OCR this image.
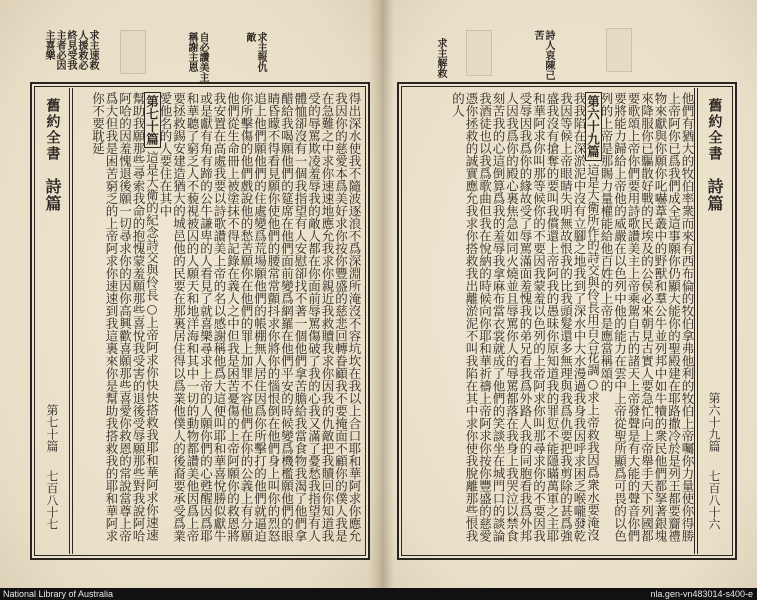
詩人哀陳己苦
求主解救
求主報仇敵
自必讚美主稱謝主恩
求主速救人援救必終見受我主者必因主喜樂
舊約全書
詩篇
第六十九篇
七百八十六

他們有猶大的牧伯率衆而來有西布倫的牧伯拿弗他利的牧伯上帝囑你力量使你得勝上帝阿你已爲我們成全這事願你仍顯大能你的聖殿建在耶路撒冷於是列王都要齎禮物來獻與你願你叱嚇葦叢中的野獸和羣公牛並列邦中如牛犢的衆民他們都拏著銀塊來降服你已驅散好戰的民埃及的公侯必來朝見古實人要急忙向上帝舉手天下列國都要歌頌上帝你們要用詩歌讚美主上帝乘駕自古的諸天上帝發聲是有大能的聲音你們要將能力歸給上帝他的威嚴在以色列中他的能力在雲中上帝從聖所顯爲可畏的以色列的上帝是那賜力量權能給他百姓的上帝是應當稱頌的

第六十九篇這是大衛所作的詩交與伶長用百合花調○求上帝救我因爲衆水要淹沒我我陷在深淤泥中沒有立腳之地我到了深水中大水漫過我身我因呼求困乏喉嚨發乾我因等候上帝眼睛失明無故恨我的比我頭髮還多無理與我爲仇要把我剪除的甚爲強盛我沒有搶奪的要叫我償還上帝阿我的愚昧你原知道我的罪愆不能隱瞞萬軍之主耶和華阿求你叫那等候你的不要因我蒙羞以色列的上帝阿求你叫那尋求你的不要因我受辱因我爲你的緣故受了辱罵滿面羞愧我的弟兄看我爲外路人我的同胞看我爲外邦人因我爲你的殿心裏焦急如同火燒並且辱罵你人的辱罵都落在我身上我哭泣以禁食刻苦我的心這倒算爲我的羞辱我拿麻布當衣裳就成了他們的笑談坐在城門口的談論我酒徒也以我爲歌曲但我在悅納的時候向你耶和華祈禱上帝阿求你按你豐盛的慈愛憑你拯救的誠實應允我求你搭救我出離淤泥不叫我陷在其中求你使我脫離那些恨我的人

舊約全書
詩篇
第七十篇
七百八十七	得出深水使我不隨波逐浪不爲深淵所淹沒不容坑坎在我以上合口耶和華阿求你應允我因你的慈愛本爲美好求你按你豐盛的慈悲回轉眷顧我不要掩面不顧你的僕人我是在急難之中求你速速地應允我求你親近我救贖我求你因我的仇敵把我贖回你知道我受的辱罵欺凌羞辱我的敵人都在你面前辱罵傷破了我的心我又滿了憂愁我指望有人體恤卻沒有一個我指望有人安慰卻找不著一個他們拿苦膽給我當食物我渴了他們拿醋給我喝願他們的筵席在他們面前變爲網羅在他們平安的時候變爲機檻願他們的眼睛昏矇不得看見願你使他們的腰常常顫抖求你將你的惱恨倒在他們身上叫你的烈怒追上他們願他們的住處變爲荒場願他們的帳棚無人居住因爲你所擊打的他們就逼迫你所擊傷的他們戲說他的愁苦願你在他們的罪上加罪不容他們在你的公義上有分願他們從生命冊上被塗抹不得記錄在義人之中但我是困苦憂傷的上帝阿願你的救恩將我安置在高處我要以詩歌讚美上帝的名以感謝稱他爲大這便叫耶和華喜悅勝似獻牛或是獻有角有蹄的公牛謙卑的人看見了就喜樂尋求上帝的人願你們的心甦醒因爲耶和華聽了窮乏人不藐視被囚的人願天和地洋海和其中一切的動物都讚美他因爲上帝要拯救錫安建造猶大的城邑他的民要在那裏居住得以爲業他僕人的後裔要承受爲業愛他名的人要住在其中

第七十篇這是大衛的紀念詩交與伶長○上帝阿求你快快搭救我耶和華阿求你速速幫助我願那些尋索我命的抱愧蒙羞願那些喜悅我受害的退後受辱願那些對我說阿哈阿哈的因羞愧退後願一切尋求你的因你高興歡喜願那些喜愛你救恩的常說當尊上帝爲大但我是困苦窮乏的上帝阿求你速速到我這裏來你是幫助我搭救我的耶和華阿求你不要耽延

National Library of Australia	nla.gen-vn483014-s400-e
